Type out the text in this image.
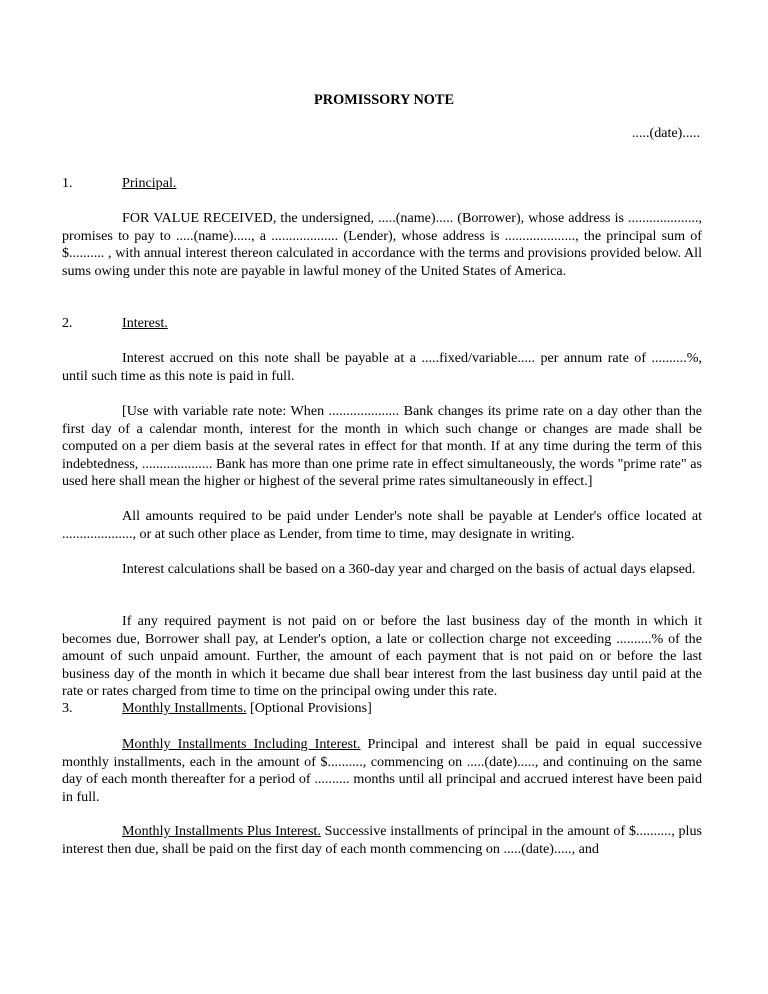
PROMISSORY NOTE
.....(date).....
1.	Principal.

FOR VALUE RECEIVED, the undersigned, .....(name)..... (Borrower), whose address is ...................., promises to pay to .....(name)....., a ................... (Lender), whose address is ...................., the principal sum of $.......... , with annual interest thereon calculated in accordance with the terms and provisions provided below. All sums owing under this note are payable in lawful money of the United States of America.

2.	Interest.

Interest accrued on this note shall be payable at a .....fixed/variable..... per annum rate of ..........%, until such time as this note is paid in full.

[Use with variable rate note: When .................... Bank changes its prime rate on a day other than the first day of a calendar month, interest for the month in which such change or changes are made shall be computed on a per diem basis at the several rates in effect for that month. If at any time during the term of this indebtedness, .................... Bank has more than one prime rate in effect simultaneously, the words "prime rate" as used here shall mean the higher or highest of the several prime rates simultaneously in effect.]

All amounts required to be paid under Lender's note shall be payable at Lender's office located at ...................., or at such other place as Lender, from time to time, may designate in writing.

Interest calculations shall be based on a 360-day year and charged on the basis of actual days elapsed.

If any required payment is not paid on or before the last business day of the month in which it becomes due, Borrower shall pay, at Lender's option, a late or collection charge not exceeding ..........% of the amount of such unpaid amount. Further, the amount of each payment that is not paid on or before the last business day of the month in which it became due shall bear interest from the last business day until paid at the rate or rates charged from time to time on the principal owing under this rate.

3.	Monthly Installments. [Optional Provisions]

Monthly Installments Including Interest. Principal and interest shall be paid in equal successive monthly installments, each in the amount of $.........., commencing on .....(date)....., and continuing on the same day of each month thereafter for a period of .......... months until all principal and accrued interest have been paid in full.

Monthly Installments Plus Interest. Successive installments of principal in the amount of $.........., plus interest then due, shall be paid on the first day of each month commencing on .....(date)....., and
